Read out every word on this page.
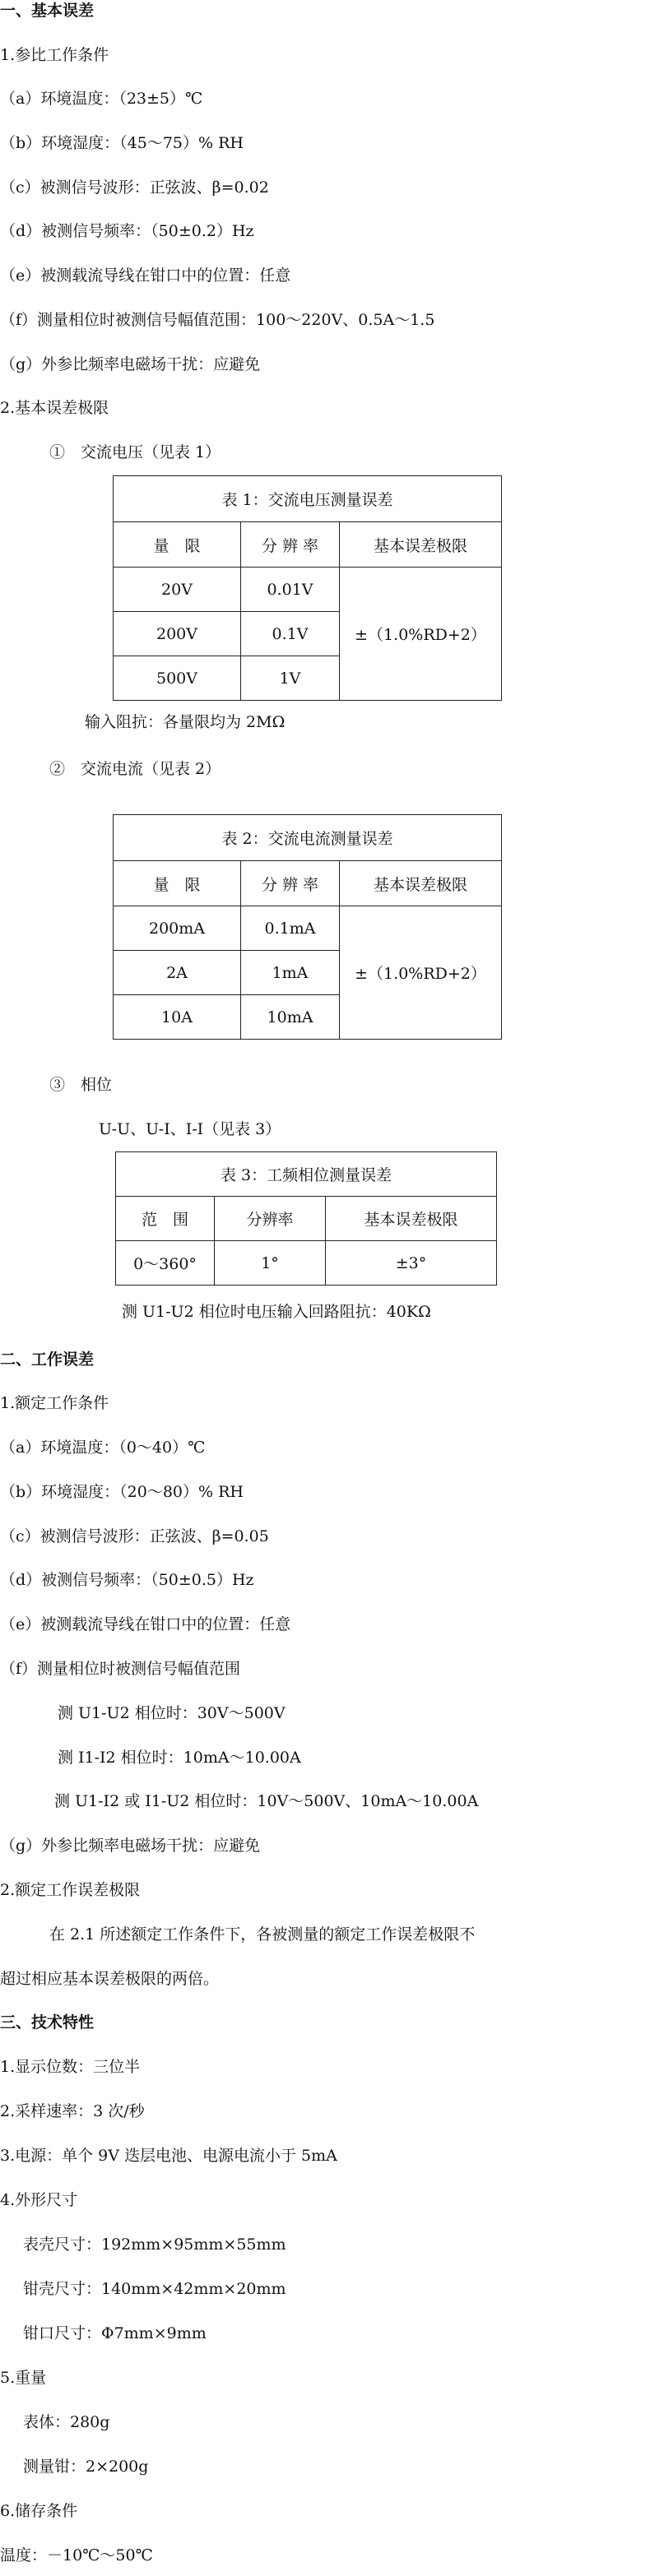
一、基本误差
1.参比工作条件
（a）环境温度：（23±5）℃
（b）环境湿度：（45～75）% RH
（c）被测信号波形：正弦波、β=0.02
（d）被测信号频率：（50±0.2）Hz
（e）被测载流导线在钳口中的位置：任意
（f）测量相位时被测信号幅值范围：100～220V、0.5A～1.5
（g）外参比频率电磁场干扰：应避免
2.基本误差极限
①　交流电压（见表 1）
表 1：交流电压测量误差		
量　限	分 辨 率	基本误差极限
20V	0.01V	±（1.0%RD+2）
200V	0.1V	
500V	1V	
输入阻抗：各量限均为 2MΩ
②　交流电流（见表 2）
表 2：交流电流测量误差		
量　限	分 辨 率	基本误差极限
200mA	0.1mA	±（1.0%RD+2）
2A	1mA	
10A	10mA	
③　相位
U-U、U-I、I-I（见表 3）
表 3：工频相位测量误差		
范　围	分辨率	基本误差极限
0～360°	1°	±3°
测 U1-U2 相位时电压输入回路阻抗：40KΩ
二、工作误差
1.额定工作条件
（a）环境温度：（0～40）℃
（b）环境湿度：（20～80）% RH
（c）被测信号波形：正弦波、β=0.05
（d）被测信号频率：（50±0.5）Hz
（e）被测载流导线在钳口中的位置：任意
（f）测量相位时被测信号幅值范围
测 U1-U2 相位时：30V～500V
测 I1-I2 相位时：10mA～10.00A
测 U1-I2 或 I1-U2 相位时：10V～500V、10mA～10.00A
（g）外参比频率电磁场干扰：应避免
2.额定工作误差极限
在 2.1 所述额定工作条件下，各被测量的额定工作误差极限不
超过相应基本误差极限的两倍。
三、技术特性
1.显示位数：三位半
2.采样速率：3 次/秒
3.电源：单个 9V 迭层电池、电源电流小于 5mA
4.外形尺寸
表壳尺寸：192mm×95mm×55mm
钳壳尺寸：140mm×42mm×20mm
钳口尺寸：Φ7mm×9mm
5.重量
表体：280g
测量钳：2×200g
6.储存条件
温度：－10℃～50℃
